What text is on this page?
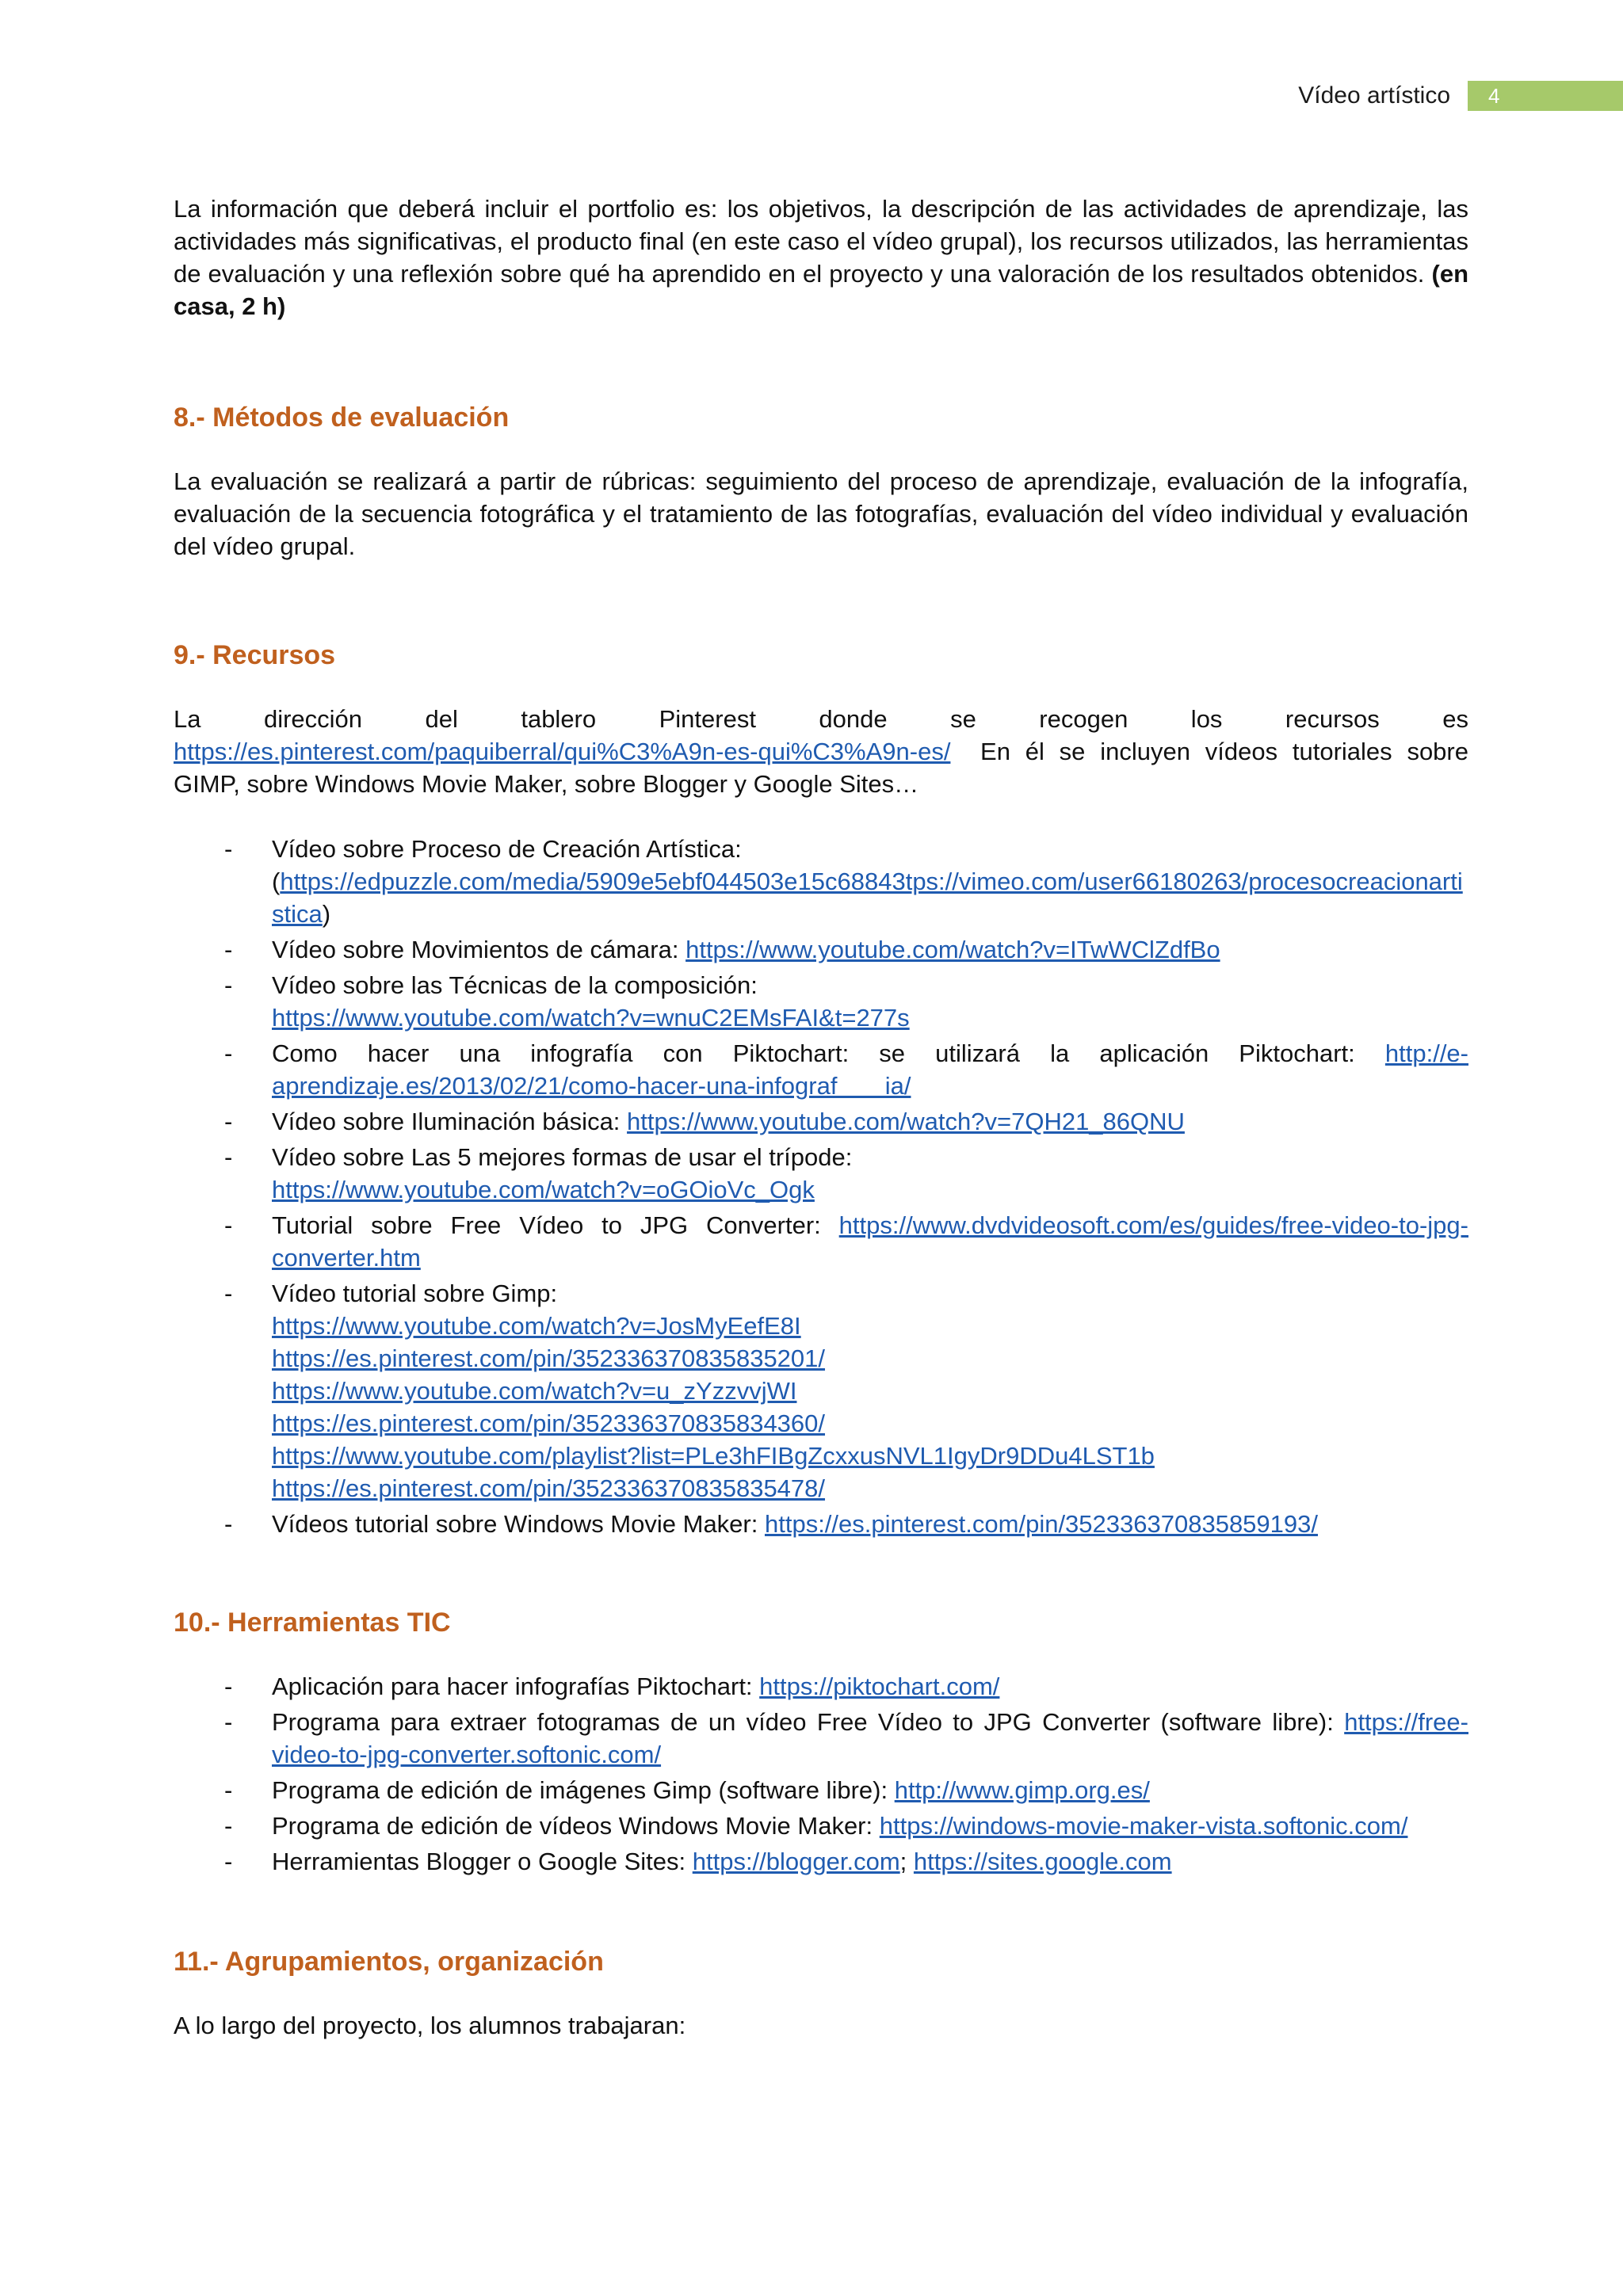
Vídeo artístico	4

La información que deberá incluir el portfolio es: los objetivos, la descripción de las actividades de aprendizaje, las actividades más significativas, el producto final (en este caso el vídeo grupal), los recursos utilizados, las herramientas de evaluación y una reflexión sobre qué ha aprendido en el proyecto y una valoración de los resultados obtenidos. (en casa, 2 h)

8.- Métodos de evaluación

La evaluación se realizará a partir de rúbricas: seguimiento del proceso de aprendizaje, evaluación de la infografía, evaluación de la secuencia fotográfica y el tratamiento de las fotografías, evaluación del vídeo individual y evaluación del vídeo grupal.

9.- Recursos

La dirección del tablero Pinterest donde se recogen los recursos es

https://es.pinterest.com/paquiberral/qui%C3%A9n-es-qui%C3%A9n-es/ En él se incluyen vídeos tutoriales sobre GIMP, sobre Windows Movie Maker, sobre Blogger y Google Sites…

- Vídeo sobre Proceso de Creación Artística:
(https://edpuzzle.com/media/5909e5ebf044503e15c68843tps://vimeo.com/user66180263/procesocreacionartistica)
- Vídeo sobre Movimientos de cámara: https://www.youtube.com/watch?v=ITwWClZdfBo
- Vídeo sobre las Técnicas de la composición:
https://www.youtube.com/watch?v=wnuC2EMsFAI&t=277s
- Como hacer una infografía con Piktochart: se utilizará la aplicación Piktochart: http://e-aprendizaje.es/2013/02/21/como-hacer-una-infograf       ia/
- Vídeo sobre Iluminación básica: https://www.youtube.com/watch?v=7QH21_86QNU
- Vídeo sobre Las 5 mejores formas de usar el trípode:
https://www.youtube.com/watch?v=oGOioVc_Ogk
- Tutorial sobre Free Vídeo to JPG Converter: https://www.dvdvideosoft.com/es/guides/free-video-to-jpg-converter.htm
- Vídeo tutorial sobre Gimp:
https://www.youtube.com/watch?v=JosMyEefE8I
https://es.pinterest.com/pin/352336370835835201/
https://www.youtube.com/watch?v=u_zYzzvvjWI
https://es.pinterest.com/pin/352336370835834360/
https://www.youtube.com/playlist?list=PLe3hFIBgZcxxusNVL1IgyDr9DDu4LST1b
https://es.pinterest.com/pin/352336370835835478/
- Vídeos tutorial sobre Windows Movie Maker: https://es.pinterest.com/pin/352336370835859193/
10.- Herramientas TIC
- Aplicación para hacer infografías Piktochart: https://piktochart.com/
- Programa para extraer fotogramas de un vídeo Free Vídeo to JPG Converter (software libre): https://free-video-to-jpg-converter.softonic.com/
- Programa de edición de imágenes Gimp (software libre): http://www.gimp.org.es/
- Programa de edición de vídeos Windows Movie Maker: https://windows-movie-maker-vista.softonic.com/
- Herramientas Blogger o Google Sites: https://blogger.com; https://sites.google.com
11.- Agrupamientos, organización

A lo largo del proyecto, los alumnos trabajaran:
